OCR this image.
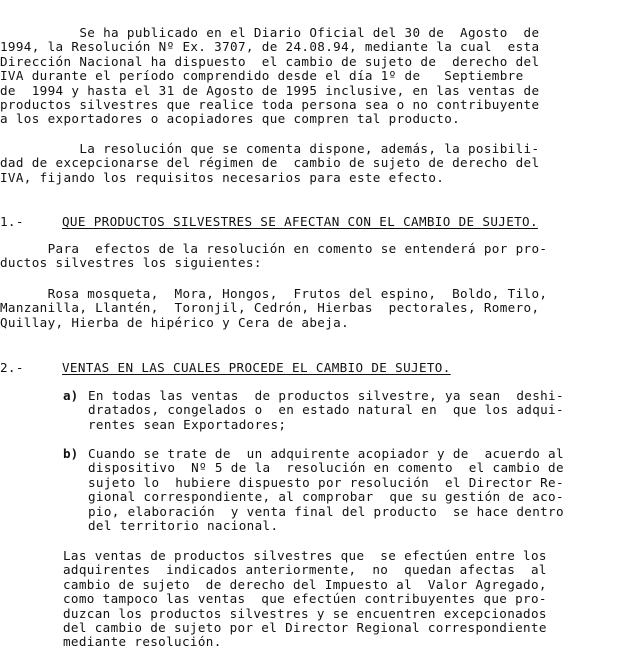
Se ha publicado en el Diario Oficial del 30 de  Agosto  de
1994, la Resolución Nº Ex. 3707, de 24.08.94, mediante la cual  esta
Dirección Nacional ha dispuesto  el cambio de sujeto de  derecho del
IVA durante el período comprendido desde el día 1º de   Septiembre
de  1994 y hasta el 31 de Agosto de 1995 inclusive, en las ventas de
productos silvestres que realice toda persona sea o no contribuyente
a los exportadores o acopiadores que compren tal producto.
La resolución que se comenta dispone, además, la posibili-
dad de excepcionarse del régimen de  cambio de sujeto de derecho del
IVA, fijando los requisitos necesarios para este efecto.
1.-	QUE PRODUCTOS SILVESTRES SE AFECTAN CON EL CAMBIO DE SUJETO.
Para  efectos de la resolución en comento se entenderá por pro-
ductos silvestres los siguientes:
Rosa mosqueta,  Mora, Hongos,  Frutos del espino,  Boldo, Tilo,
Manzanilla, Llantén,  Toronjil, Cedrón, Hierbas  pectorales, Romero,
Quillay, Hierba de hipérico y Cera de abeja.
2.-	VENTAS EN LAS CUALES PROCEDE EL CAMBIO DE SUJETO.
a) En todas las ventas  de productos silvestre, ya sean  deshi-
dratados, congelados o  en estado natural en  que los adqui-
rentes sean Exportadores;
b) Cuando se trate de  un adquirente acopiador y de  acuerdo al
dispositivo  Nº 5 de la  resolución en comento  el cambio de
sujeto lo  hubiere dispuesto por resolución  el Director Re-
gional correspondiente, al comprobar  que su gestión de aco-
pio, elaboración  y venta final del producto  se hace dentro
del territorio nacional.
Las ventas de productos silvestres que  se efectúen entre los
adquirentes  indicados anteriormente,  no  quedan afectas  al
cambio de sujeto  de derecho del Impuesto al  Valor Agregado,
como tampoco las ventas  que efectúen contribuyentes que pro-
duzcan los productos silvestres y se encuentren excepcionados
del cambio de sujeto por el Director Regional correspondiente
mediante resolución.
